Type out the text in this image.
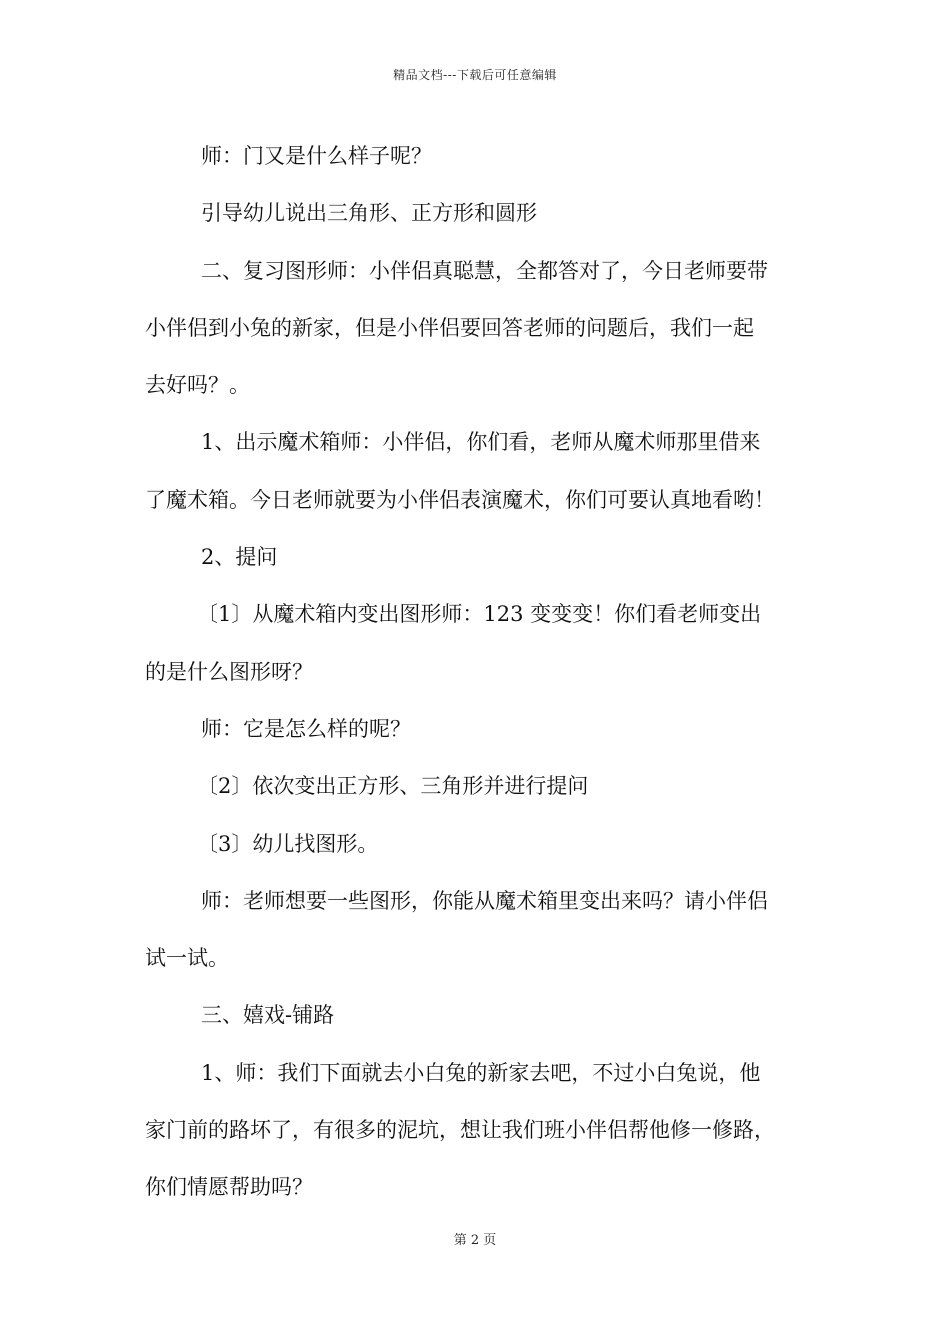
精品文档---下载后可任意编辑
师：门又是什么样子呢？
引导幼儿说出三角形、正方形和圆形
二、复习图形师：小伴侣真聪慧，全都答对了，今日老师要带
小伴侣到小兔的新家，但是小伴侣要回答老师的问题后，我们一起
去好吗？。
1、出示魔术箱师：小伴侣，你们看，老师从魔术师那里借来
了魔术箱。今日老师就要为小伴侣表演魔术，你们可要认真地看哟！
2、提问
〔1〕从魔术箱内变出图形师：123 变变变！你们看老师变出
的是什么图形呀？
师：它是怎么样的呢？
〔2〕依次变出正方形、三角形并进行提问
〔3〕幼儿找图形。
师：老师想要一些图形，你能从魔术箱里变出来吗？请小伴侣
试一试。
三、嬉戏-铺路
1、师：我们下面就去小白兔的新家去吧，不过小白兔说，他
家门前的路坏了，有很多的泥坑，想让我们班小伴侣帮他修一修路，
你们情愿帮助吗？
第 2 页
